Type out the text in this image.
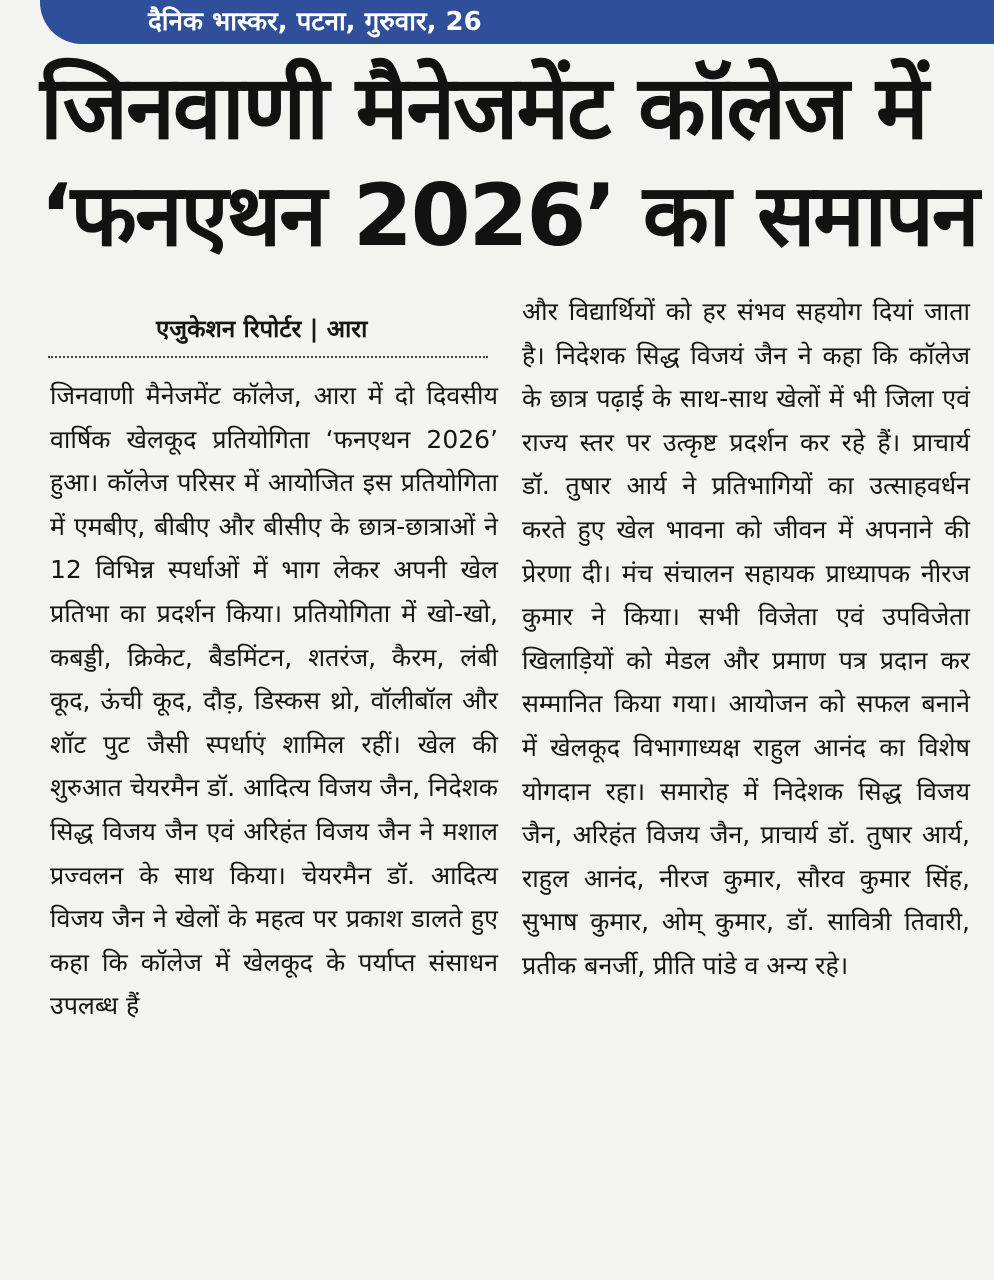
दैनिक भास्कर, पटना, गुरुवार, 26
जिनवाणी मैनेजमेंट कॉलेज में
‘फनएथन 2026’ का समापन
एजुकेशन रिपोर्टर | आरा
जिनवाणी मैनेजमेंट कॉलेज, आरा में दो दिवसीय वार्षिक खेलकूद प्रतियोगिता ‘फनएथन 2026’ हुआ। कॉलेज परिसर में आयोजित इस प्रतियोगिता में एमबीए, बीबीए और बीसीए के छात्र-छात्राओं ने 12 विभिन्न स्पर्धाओं में भाग लेकर अपनी खेल प्रतिभा का प्रदर्शन किया। प्रतियोगिता में खो-खो, कबड्डी, क्रिकेट, बैडमिंटन, शतरंज, कैरम, लंबी कूद, ऊंची कूद, दौड़, डिस्कस थ्रो, वॉलीबॉल और शॉट पुट जैसी स्पर्धाएं शामिल रहीं। खेल की शुरुआत चेयरमैन डॉ. आदित्य विजय जैन, निदेशक सिद्ध विजय जैन एवं अरिहंत विजय जैन ने मशाल प्रज्वलन के साथ किया। चेयरमैन डॉ. आदित्य विजय जैन ने खेलों के महत्व पर प्रकाश डालते हुए कहा कि कॉलेज में खेलकूद के पर्याप्त संसाधन उपलब्ध हैं
और विद्यार्थियों को हर संभव सहयोग दियां जाता है। निदेशक सिद्ध विजयं जैन ने कहा कि कॉलेज के छात्र पढ़ाई के साथ-साथ खेलों में भी जिला एवं राज्य स्तर पर उत्कृष्ट प्रदर्शन कर रहे हैं। प्राचार्य डॉ. तुषार आर्य ने प्रतिभागियों का उत्साहवर्धन करते हुए खेल भावना को जीवन में अपनाने की प्रेरणा दी। मंच संचालन सहायक प्राध्यापक नीरज कुमार ने किया। सभी विजेता एवं उपविजेता खिलाड़ियों को मेडल और प्रमाण पत्र प्रदान कर सम्मानित किया गया। आयोजन को सफल बनाने में खेलकूद विभागाध्यक्ष राहुल आनंद का विशेष योगदान रहा। समारोह में निदेशक सिद्ध विजय जैन, अरिहंत विजय जैन, प्राचार्य डॉ. तुषार आर्य, राहुल आनंद, नीरज कुमार, सौरव कुमार सिंह, सुभाष कुमार, ओम् कुमार, डॉ. सावित्री तिवारी, प्रतीक बनर्जी, प्रीति पांडे व अन्य रहे।
